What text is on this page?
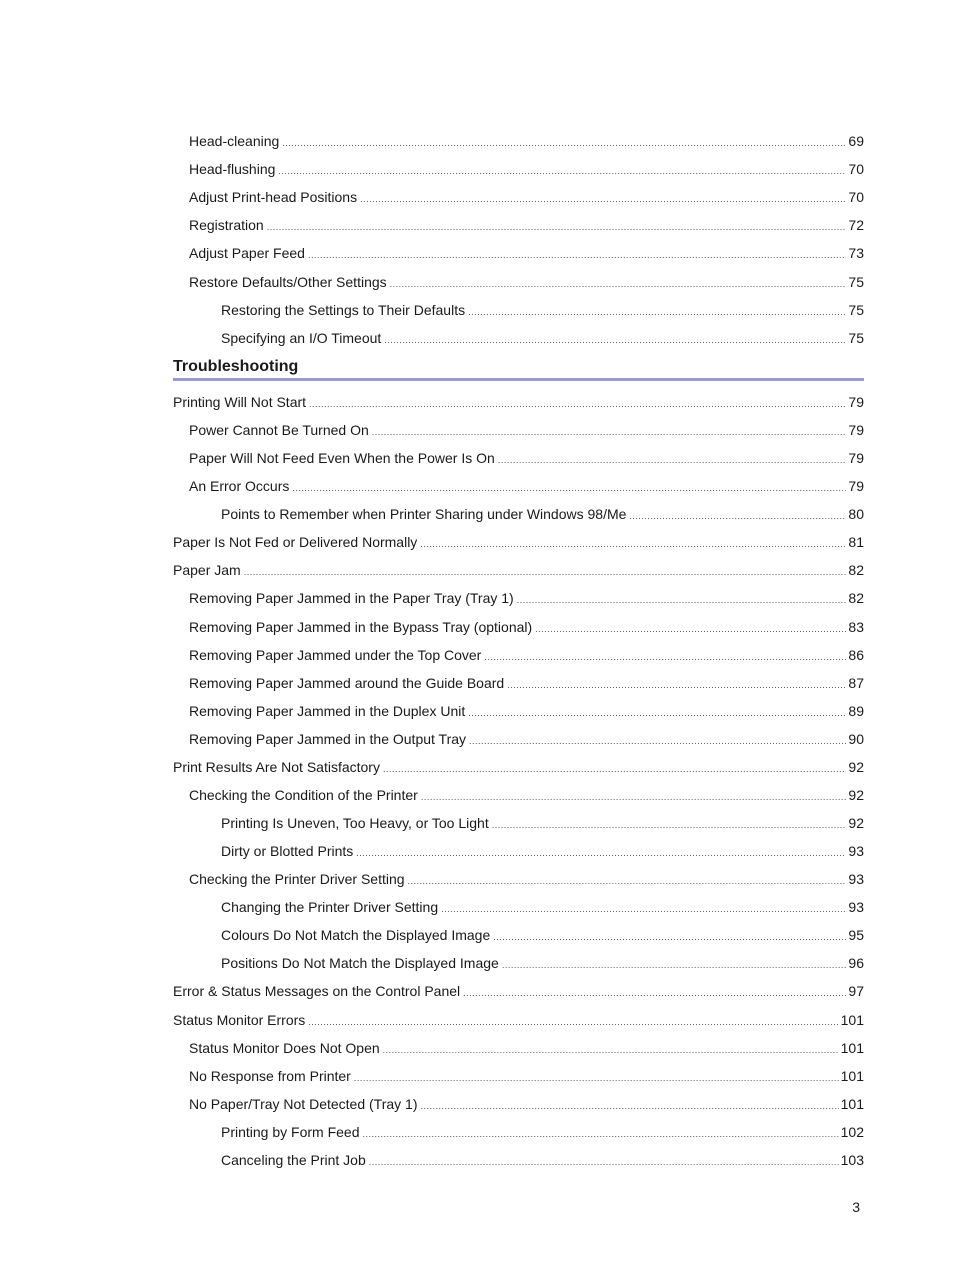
Head-cleaning .....	69
Head-flushing .....	70
Adjust Print-head Positions .....	70
Registration .....	72
Adjust Paper Feed .....	73
Restore Defaults/Other Settings .....	75
Restoring the Settings to Their Defaults .....	75
Specifying an I/O Timeout .....	75
Troubleshooting
Printing Will Not Start .....	79
Power Cannot Be Turned On .....	79
Paper Will Not Feed Even When the Power Is On .....	79
An Error Occurs .....	79
Points to Remember when Printer Sharing under Windows 98/Me .....	80
Paper Is Not Fed or Delivered Normally .....	81
Paper Jam .....	82
Removing Paper Jammed in the Paper Tray (Tray 1) .....	82
Removing Paper Jammed in the Bypass Tray (optional) .....	83
Removing Paper Jammed under the Top Cover .....	86
Removing Paper Jammed around the Guide Board .....	87
Removing Paper Jammed in the Duplex Unit .....	89
Removing Paper Jammed in the Output Tray .....	90
Print Results Are Not Satisfactory .....	92
Checking the Condition of the Printer .....	92
Printing Is Uneven, Too Heavy, or Too Light .....	92
Dirty or Blotted Prints .....	93
Checking the Printer Driver Setting .....	93
Changing the Printer Driver Setting .....	93
Colours Do Not Match the Displayed Image .....	95
Positions Do Not Match the Displayed Image .....	96
Error & Status Messages on the Control Panel .....	97
Status Monitor Errors .....	101
Status Monitor Does Not Open .....	101
No Response from Printer .....	101
No Paper/Tray Not Detected (Tray 1) .....	101
Printing by Form Feed .....	102
Canceling the Print Job .....	103
3
